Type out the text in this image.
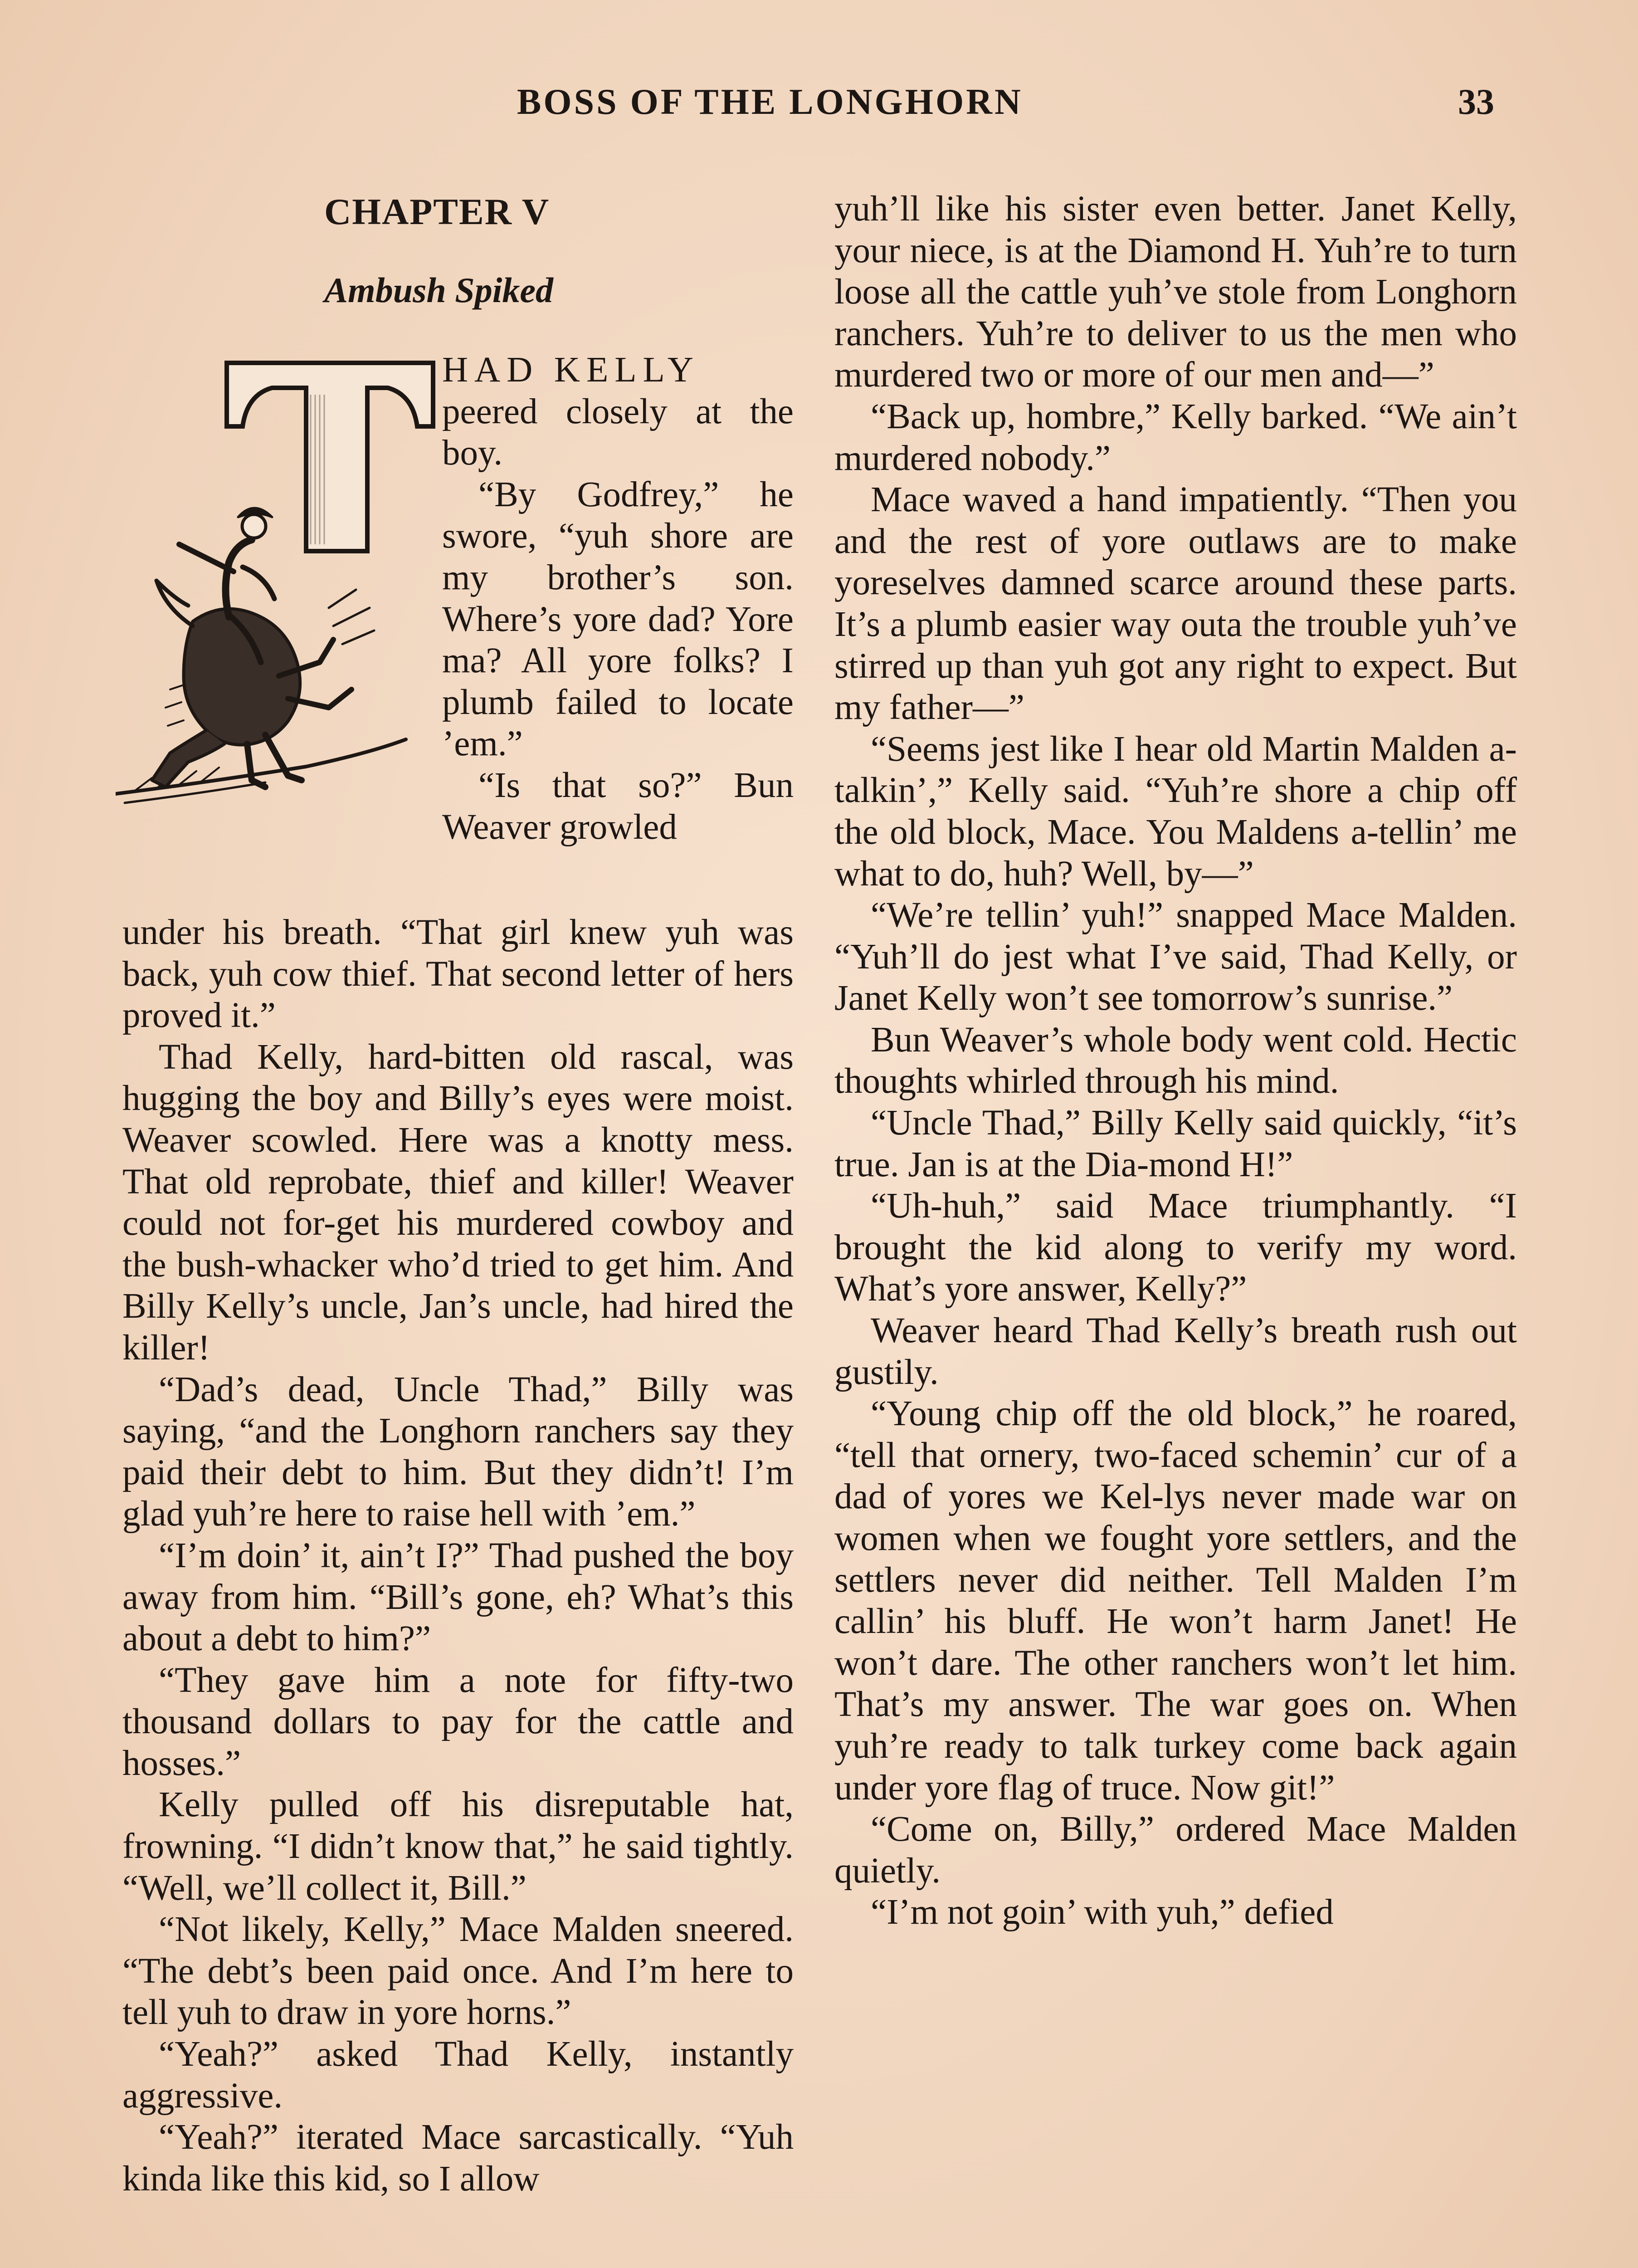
BOSS OF THE LONGHORN	33
CHAPTER V
Ambush Spiked

HAD KELLY

peered closely at the boy.

“By Godfrey,” he swore, “yuh shore are my brother’s son. Where’s yore dad? Yore ma? All yore folks? I plumb failed to locate ’em.”

“Is that so?” Bun Weaver growled

under his breath. “That girl knew yuh was back, yuh cow thief. That second letter of hers proved it.”

Thad Kelly, hard-bitten old rascal, was hugging the boy and Billy’s eyes were moist. Weaver scowled. Here was a knotty mess. That old reprobate, thief and killer! Weaver could not for-get his murdered cowboy and the bush-whacker who’d tried to get him. And Billy Kelly’s uncle, Jan’s uncle, had hired the killer!

“Dad’s dead, Uncle Thad,” Billy was saying, “and the Longhorn ranchers say they paid their debt to him. But they didn’t! I’m glad yuh’re here to raise hell with ’em.”

“I’m doin’ it, ain’t I?” Thad pushed the boy away from him. “Bill’s gone, eh? What’s this about a debt to him?”

“They gave him a note for fifty-two thousand dollars to pay for the cattle and hosses.”

Kelly pulled off his disreputable hat, frowning. “I didn’t know that,” he said tightly. “Well, we’ll collect it, Bill.”

“Not likely, Kelly,” Mace Malden sneered. “The debt’s been paid once. And I’m here to tell yuh to draw in yore horns.”

“Yeah?” asked Thad Kelly, instantly aggressive.

“Yeah?” iterated Mace sarcastically. “Yuh kinda like this kid, so I allow

yuh’ll like his sister even better. Janet Kelly, your niece, is at the Diamond H. Yuh’re to turn loose all the cattle yuh’ve stole from Longhorn ranchers. Yuh’re to deliver to us the men who murdered two or more of our men and—”

“Back up, hombre,” Kelly barked. “We ain’t murdered nobody.”

Mace waved a hand impatiently. “Then you and the rest of yore outlaws are to make yoreselves damned scarce around these parts. It’s a plumb easier way outa the trouble yuh’ve stirred up than yuh got any right to expect. But my father—”

“Seems jest like I hear old Martin Malden a-talkin’,” Kelly said. “Yuh’re shore a chip off the old block, Mace. You Maldens a-tellin’ me what to do, huh? Well, by—”

“We’re tellin’ yuh!” snapped Mace Malden. “Yuh’ll do jest what I’ve said, Thad Kelly, or Janet Kelly won’t see tomorrow’s sunrise.”

Bun Weaver’s whole body went cold. Hectic thoughts whirled through his mind.

“Uncle Thad,” Billy Kelly said quickly, “it’s true. Jan is at the Dia-mond H!”

“Uh-huh,” said Mace triumphantly. “I brought the kid along to verify my word. What’s yore answer, Kelly?”

Weaver heard Thad Kelly’s breath rush out gustily.

“Young chip off the old block,” he roared, “tell that ornery, two-faced schemin’ cur of a dad of yores we Kel-lys never made war on women when we fought yore settlers, and the settlers never did neither. Tell Malden I’m callin’ his bluff. He won’t harm Janet! He won’t dare. The other ranchers won’t let him. That’s my answer. The war goes on. When yuh’re ready to talk turkey come back again under yore flag of truce. Now git!”

“Come on, Billy,” ordered Mace Malden quietly.

“I’m not goin’ with yuh,” defied
